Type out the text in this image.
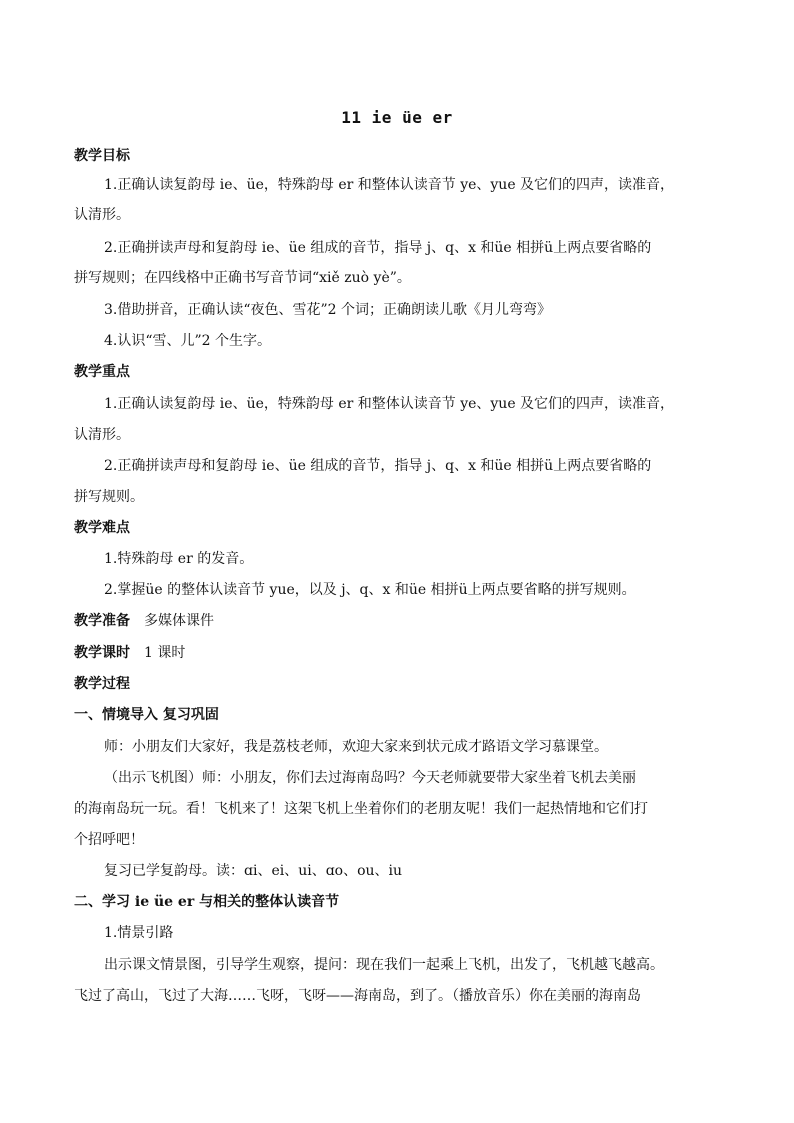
11 ie üe er
教学目标
1.正确认读复韵母 ie、üe，特殊韵母 er 和整体认读音节 ye、yue 及它们的四声，读准音，
认清形。
2.正确拼读声母和复韵母 ie、üe 组成的音节，指导 j、q、x 和üe 相拼ü上两点要省略的
拼写规则；在四线格中正确书写音节词“xiě zuò yè”。
3.借助拼音，正确认读“夜色、雪花”2 个词；正确朗读儿歌《月儿弯弯》
4.认识“雪、儿”2 个生字。
教学重点
1.正确认读复韵母 ie、üe，特殊韵母 er 和整体认读音节 ye、yue 及它们的四声，读准音，
认清形。
2.正确拼读声母和复韵母 ie、üe 组成的音节，指导 j、q、x 和üe 相拼ü上两点要省略的
拼写规则。
教学难点
1.特殊韵母 er 的发音。
2.掌握üe 的整体认读音节 yue，以及 j、q、x 和üe 相拼ü上两点要省略的拼写规则。
教学准备 多媒体课件
教学课时 1 课时
教学过程
一、情境导入 复习巩固
师：小朋友们大家好，我是荔枝老师，欢迎大家来到状元成才路语文学习慕课堂。
（出示飞机图）师：小朋友，你们去过海南岛吗？今天老师就要带大家坐着飞机去美丽
的海南岛玩一玩。看！飞机来了！这架飞机上坐着你们的老朋友呢！我们一起热情地和它们打
个招呼吧！
复习已学复韵母。读：ɑi、ei、ui、ɑo、ou、iu
二、学习 ie üe er 与相关的整体认读音节
1.情景引路
出示课文情景图，引导学生观察，提问：现在我们一起乘上飞机，出发了，飞机越飞越高。
飞过了高山，飞过了大海……飞呀，飞呀——海南岛，到了。（播放音乐）你在美丽的海南岛
